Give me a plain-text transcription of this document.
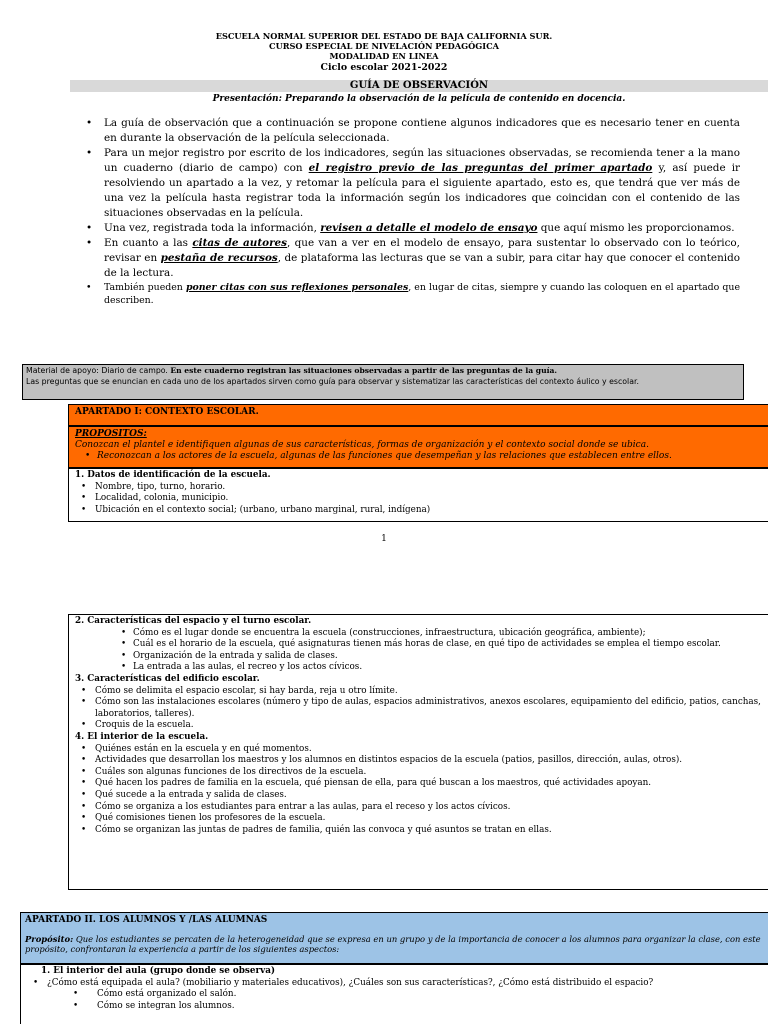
ESCUELA NORMAL SUPERIOR DEL ESTADO DE BAJA CALIFORNIA SUR.
CURSO ESPECIAL DE NIVELACIÓN PEDAGÓGICA
MODALIDAD EN LINEA
Ciclo escolar 2021-2022
GUÍA DE OBSERVACIÓN
Presentación: Preparando la observación de la película de contenido en docencia.
• La guía de observación que a continuación se propone contiene algunos indicadores que es necesario tener en cuenta en durante la observación de la película seleccionada.
• Para un mejor registro por escrito de los indicadores, según las situaciones observadas, se recomienda tener a la mano un cuaderno (diario de campo) con el registro previo de las preguntas del primer apartado y, así puede ir resolviendo un apartado a la vez, y retomar la película para el siguiente apartado, esto es, que tendrá que ver más de una vez la película hasta registrar toda la información según los indicadores que coincidan con el contenido de las situaciones observadas en la película.
• Una vez, registrada toda la información, revisen a detalle el modelo de ensayo que aquí mismo les proporcionamos.
• En cuanto a las citas de autores, que van a ver en el modelo de ensayo, para sustentar lo observado con lo teórico, revisar en pestaña de recursos, de plataforma las lecturas que se van a subir, para citar hay que conocer el contenido de la lectura.
• También pueden poner citas con sus reflexiones personales, en lugar de citas, siempre y cuando las coloquen en el apartado que describen.
Material de apoyo: Diario de campo. En este cuaderno registran las situaciones observadas a partir de las preguntas de la guía.
Las preguntas que se enuncian en cada uno de los apartados sirven como guía para observar y sistematizar las características del contexto áulico y escolar.
APARTADO I: CONTEXTO ESCOLAR.
PROPOSITOS:
Conozcan el plantel e identifiquen algunas de sus características, formas de organización y el contexto social donde se ubica.
• Reconozcan a los actores de la escuela, algunas de las funciones que desempeñan y las relaciones que establecen entre ellos.
1. Datos de identificación de la escuela.
• Nombre, tipo, turno, horario.
• Localidad, colonia, municipio.
• Ubicación en el contexto social; (urbano, urbano marginal, rural, indígena)
1
2. Características del espacio y el turno escolar.
• Cómo es el lugar donde se encuentra la escuela (construcciones, infraestructura, ubicación geográfica, ambiente);
• Cuál es el horario de la escuela, qué asignaturas tienen más horas de clase, en qué tipo de actividades se emplea el tiempo escolar.
• Organización de la entrada y salida de clases.
• La entrada a las aulas, el recreo y los actos cívicos.
3. Características del edificio escolar.
• Cómo se delimita el espacio escolar, si hay barda, reja u otro límite.
• Cómo son las instalaciones escolares (número y tipo de aulas, espacios administrativos, anexos escolares, equipamiento del edificio, patios, canchas, laboratorios, talleres).
• Croquis de la escuela.
4. El interior de la escuela.
• Quiénes están en la escuela y en qué momentos.
• Actividades que desarrollan los maestros y los alumnos en distintos espacios de la escuela (patios, pasillos, dirección, aulas, otros).
• Cuáles son algunas funciones de los directivos de la escuela.
• Qué hacen los padres de familia en la escuela, qué piensan de ella, para qué buscan a los maestros, qué actividades apoyan.
• Qué sucede a la entrada y salida de clases.
• Cómo se organiza a los estudiantes para entrar a las aulas, para el receso y los actos cívicos.
• Qué comisiones tienen los profesores de la escuela.
• Cómo se organizan las juntas de padres de familia, quién las convoca y qué asuntos se tratan en ellas.
APARTADO II. LOS ALUMNOS Y /LAS ALUMNAS
Propósito: Que los estudiantes se percaten de la heterogeneidad que se expresa en un grupo y de la importancia de conocer a los alumnos para organizar la clase, con este propósito, confrontaran la experiencia a partir de los siguientes aspectos:
1. El interior del aula (grupo donde se observa)
• ¿Cómo está equipada el aula? (mobiliario y materiales educativos), ¿Cuáles son sus características?, ¿Cómo está distribuido el espacio?
• Cómo está organizado el salón.
• Cómo se integran los alumnos.
